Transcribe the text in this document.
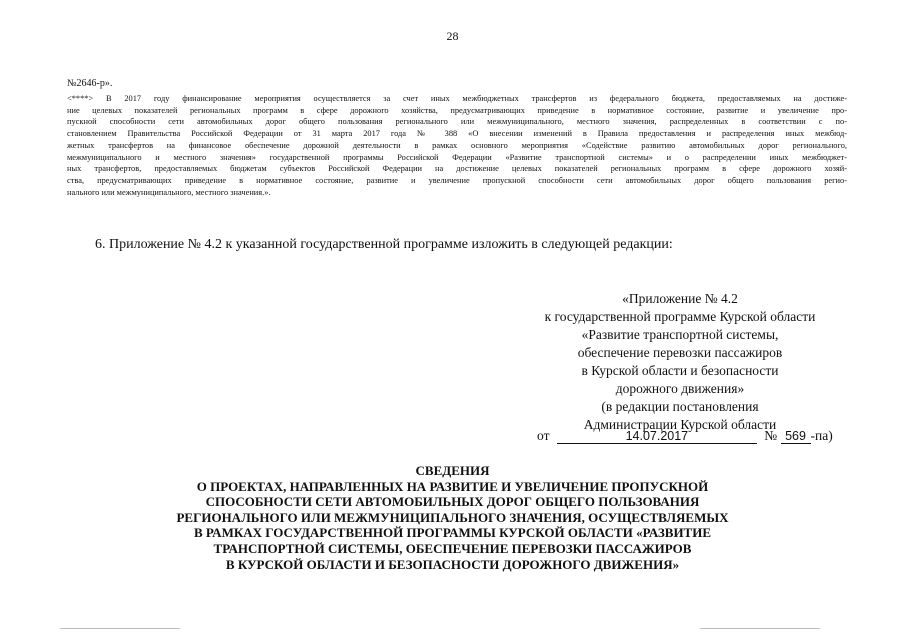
28
№2646-р».
<****> В 2017 году финансирование мероприятия осуществляется за счет иных межбюджетных трансфертов из федерального бюджета, предоставляемых на достиже-
ние целевых показателей региональных программ в сфере дорожного хозяйства, предусматривающих приведение в нормативное состояние, развитие и увеличение про-
пускной способности сети автомобильных дорог общего пользования регионального или межмуниципального, местного значения, распределенных в соответствии с по-
становлением Правительства Российской Федерации от 31 марта 2017 года № 388 «О внесении изменений в Правила предоставления и распределения иных межбюд-
жетных трансфертов на финансовое обеспечение дорожной деятельности в рамках основного мероприятия «Содействие развитию автомобильных дорог регионального,
межмуниципального и местного значения» государственной программы Российской Федерации «Развитие транспортной системы» и о распределении иных межбюджет-
ных трансфертов, предоставляемых бюджетам субъектов Российской Федерации на достижение целевых показателей региональных программ в сфере дорожного хозяй-
ства, предусматривающих приведение в нормативное состояние, развитие и увеличение пропускной способности сети автомобильных дорог общего пользования регио-
нального или межмуниципального, местного значения.».
6. Приложение № 4.2 к указанной государственной программе изложить в следующей редакции:
«Приложение № 4.2
к государственной программе Курской области
«Развитие транспортной системы,
обеспечение перевозки пассажиров
в Курской области и безопасности
дорожного движения»
(в редакции постановления
Администрации Курской области
от	14.07.2017	№ 569 -па)
СВЕДЕНИЯ
О ПРОЕКТАХ, НАПРАВЛЕННЫХ НА РАЗВИТИЕ И УВЕЛИЧЕНИЕ ПРОПУСКНОЙ
СПОСОБНОСТИ СЕТИ АВТОМОБИЛЬНЫХ ДОРОГ ОБЩЕГО ПОЛЬЗОВАНИЯ
РЕГИОНАЛЬНОГО ИЛИ МЕЖМУНИЦИПАЛЬНОГО ЗНАЧЕНИЯ, ОСУЩЕСТВЛЯЕМЫХ
В РАМКАХ ГОСУДАРСТВЕННОЙ ПРОГРАММЫ КУРСКОЙ ОБЛАСТИ «РАЗВИТИЕ
ТРАНСПОРТНОЙ СИСТЕМЫ, ОБЕСПЕЧЕНИЕ ПЕРЕВОЗКИ ПАССАЖИРОВ
В КУРСКОЙ ОБЛАСТИ И БЕЗОПАСНОСТИ ДОРОЖНОГО ДВИЖЕНИЯ»
